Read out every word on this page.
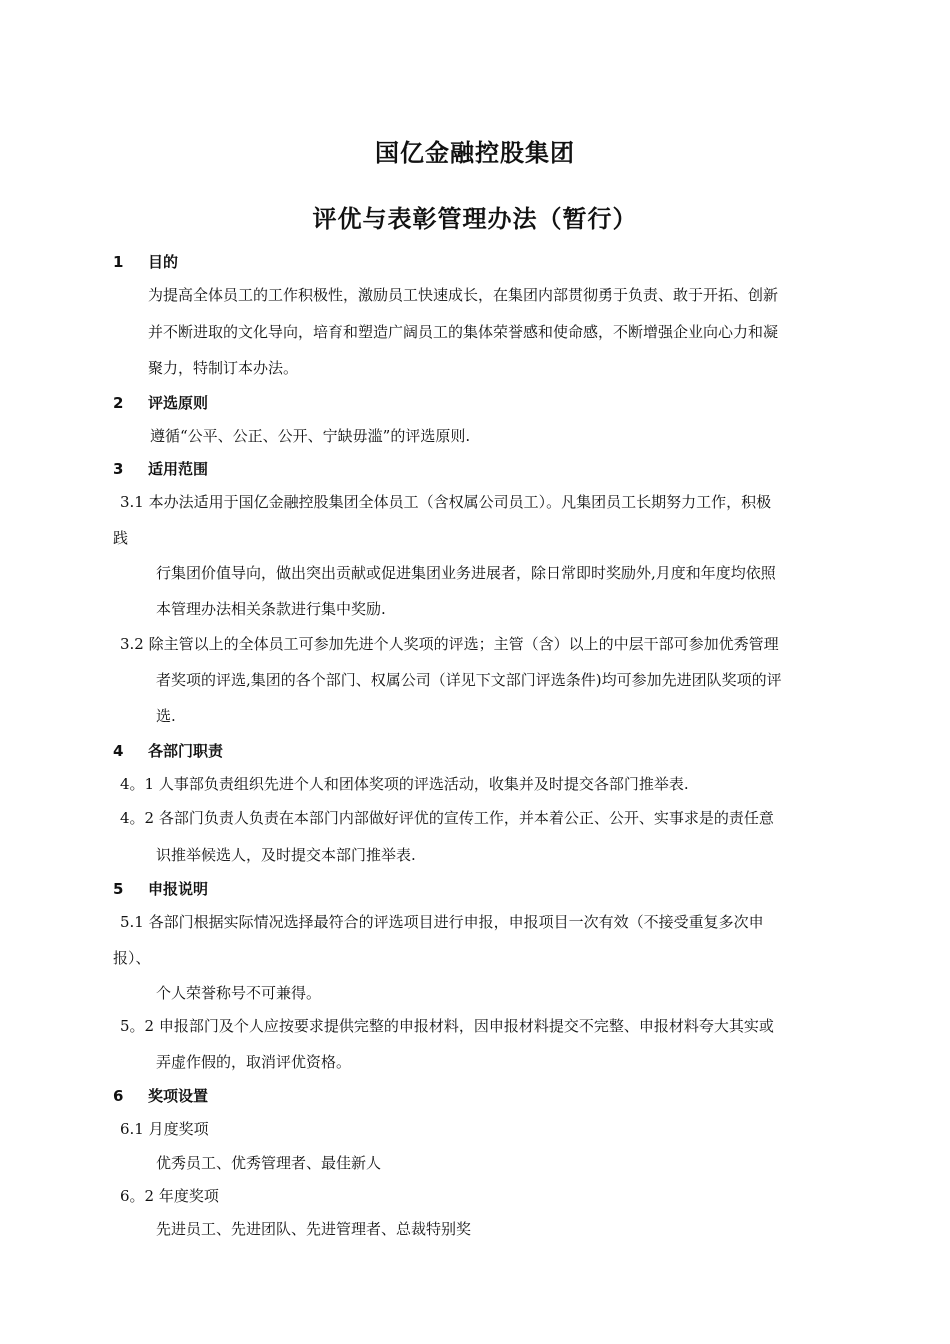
国亿金融控股集团
评优与表彰管理办法（暂行）
1 目的
为提高全体员工的工作积极性，激励员工快速成长，在集团内部贯彻勇于负责、敢于开拓、创新
并不断进取的文化导向，培育和塑造广阔员工的集体荣誉感和使命感，不断增强企业向心力和凝
聚力，特制订本办法。
2 评选原则
遵循“公平、公正、公开、宁缺毋滥”的评选原则.
3 适用范围
3.1 本办法适用于国亿金融控股集团全体员工（含权属公司员工）。凡集团员工长期努力工作，积极
践
行集团价值导向，做出突出贡献或促进集团业务进展者，除日常即时奖励外,月度和年度均依照
本管理办法相关条款进行集中奖励.
3.2 除主管以上的全体员工可参加先进个人奖项的评选；主管（含）以上的中层干部可参加优秀管理
者奖项的评选,集团的各个部门、权属公司（详见下文部门评选条件)均可参加先进团队奖项的评
选.
4 各部门职责
4。1 人事部负责组织先进个人和团体奖项的评选活动，收集并及时提交各部门推举表.
4。2 各部门负责人负责在本部门内部做好评优的宣传工作，并本着公正、公开、实事求是的责任意
识推举候选人，及时提交本部门推举表.
5 申报说明
5.1 各部门根据实际情况选择最符合的评选项目进行申报，申报项目一次有效（不接受重复多次申
报）、
个人荣誉称号不可兼得。
5。2 申报部门及个人应按要求提供完整的申报材料，因申报材料提交不完整、申报材料夸大其实或
弄虚作假的，取消评优资格。
6 奖项设置
6.1 月度奖项
优秀员工、优秀管理者、最佳新人
6。2 年度奖项
先进员工、先进团队、先进管理者、总裁特别奖
